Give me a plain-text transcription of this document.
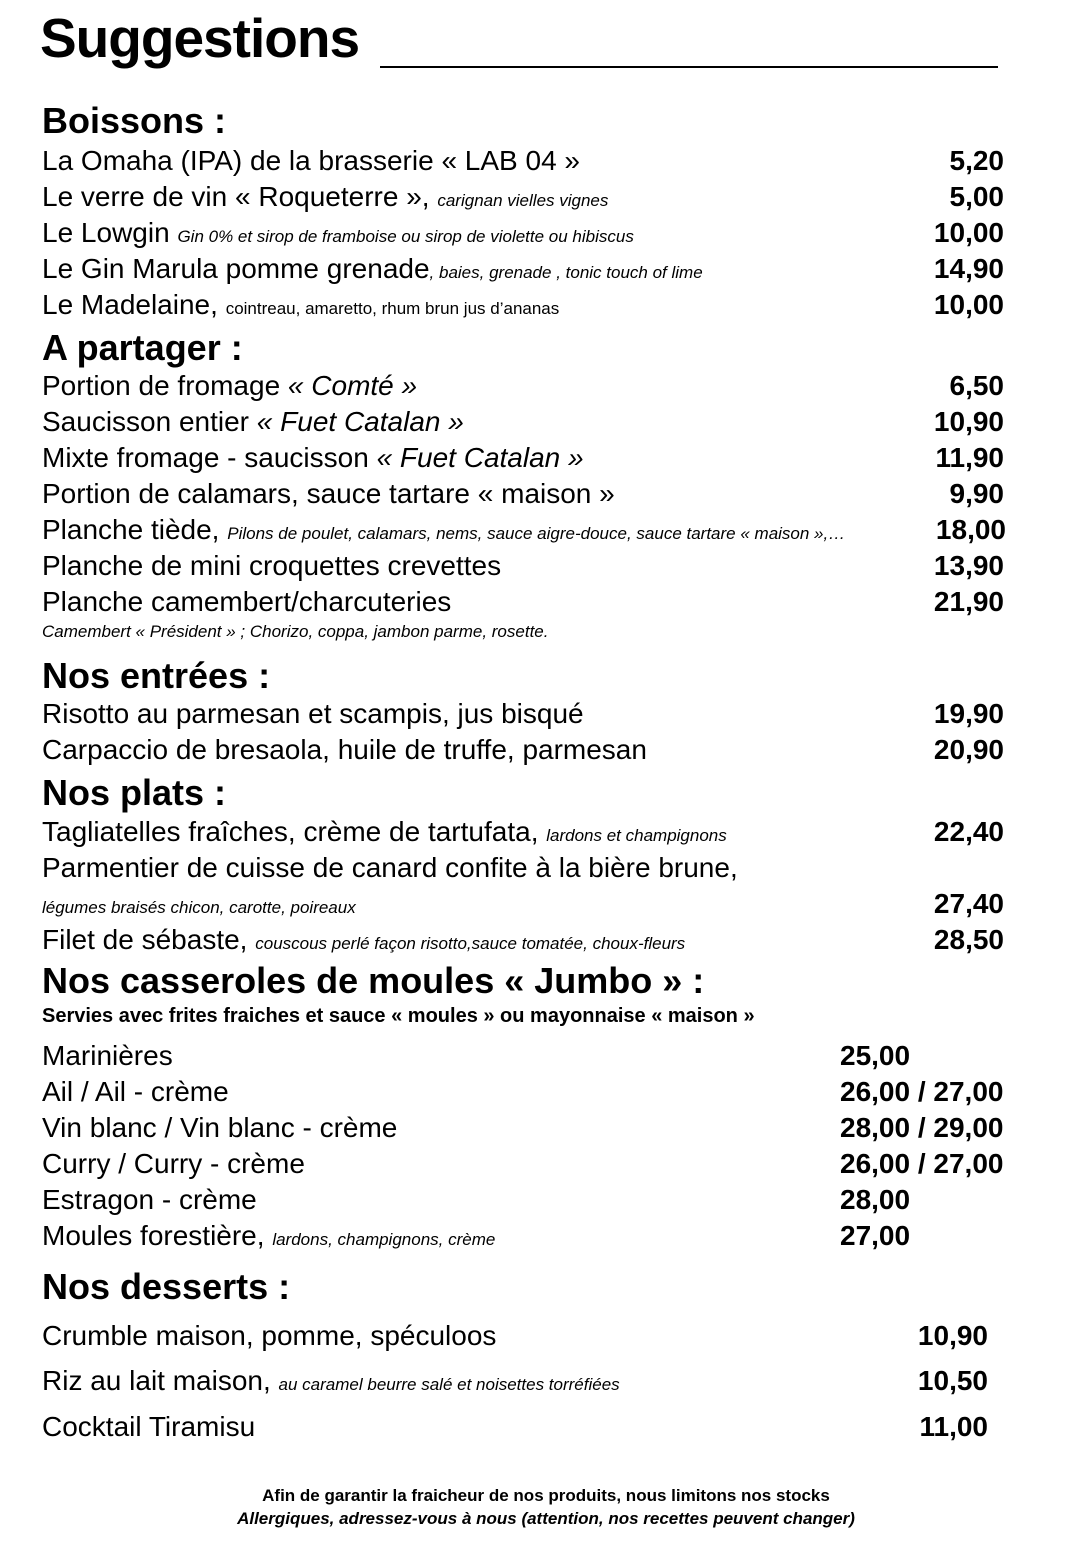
Suggestions
Boissons :
La Omaha (IPA) de la brasserie « LAB 04 »	5,20
Le verre de vin « Roqueterre », carignan vielles vignes	5,00
Le Lowgin Gin 0% et sirop de framboise ou sirop de violette ou hibiscus	10,00
Le Gin Marula pomme grenade, baies, grenade , tonic touch of lime	14,90
Le Madelaine, cointreau, amaretto, rhum brun jus d’ananas	10,00
A partager :
Portion de fromage « Comté »	6,50
Saucisson entier « Fuet Catalan »	10,90
Mixte fromage - saucisson « Fuet Catalan »	11,90
Portion de calamars, sauce tartare « maison »	9,90
Planche tiède, Pilons de poulet, calamars, nems, sauce aigre-douce, sauce tartare « maison »,…	18,00
Planche de mini croquettes crevettes	13,90
Planche camembert/charcuteries	21,90
Camembert « Président » ; Chorizo, coppa, jambon parme, rosette.
Nos entrées :
Risotto au parmesan et scampis, jus bisqué	19,90
Carpaccio de bresaola, huile de truffe, parmesan	20,90
Nos plats :
Tagliatelles fraîches, crème de tartufata, lardons et champignons	22,40
Parmentier de cuisse de canard confite à la bière brune,
légumes braisés chicon, carotte, poireaux	27,40
Filet de sébaste, couscous perlé façon risotto,sauce tomatée, choux-fleurs	28,50
Nos casseroles de moules « Jumbo » :
Servies avec frites fraiches et sauce « moules » ou mayonnaise « maison »
Marinières	25,00
Ail / Ail - crème	26,00 / 27,00
Vin blanc / Vin blanc - crème	28,00 / 29,00
Curry / Curry - crème	26,00 / 27,00
Estragon - crème	28,00
Moules forestière, lardons, champignons, crème	27,00
Nos desserts :
Crumble maison, pomme, spéculoos	10,90
Riz au lait maison, au caramel beurre salé et noisettes torréfiées	10,50
Cocktail Tiramisu	11,00
Afin de garantir la fraicheur de nos produits, nous limitons nos stocks
Allergiques, adressez-vous à nous (attention, nos recettes peuvent changer)
